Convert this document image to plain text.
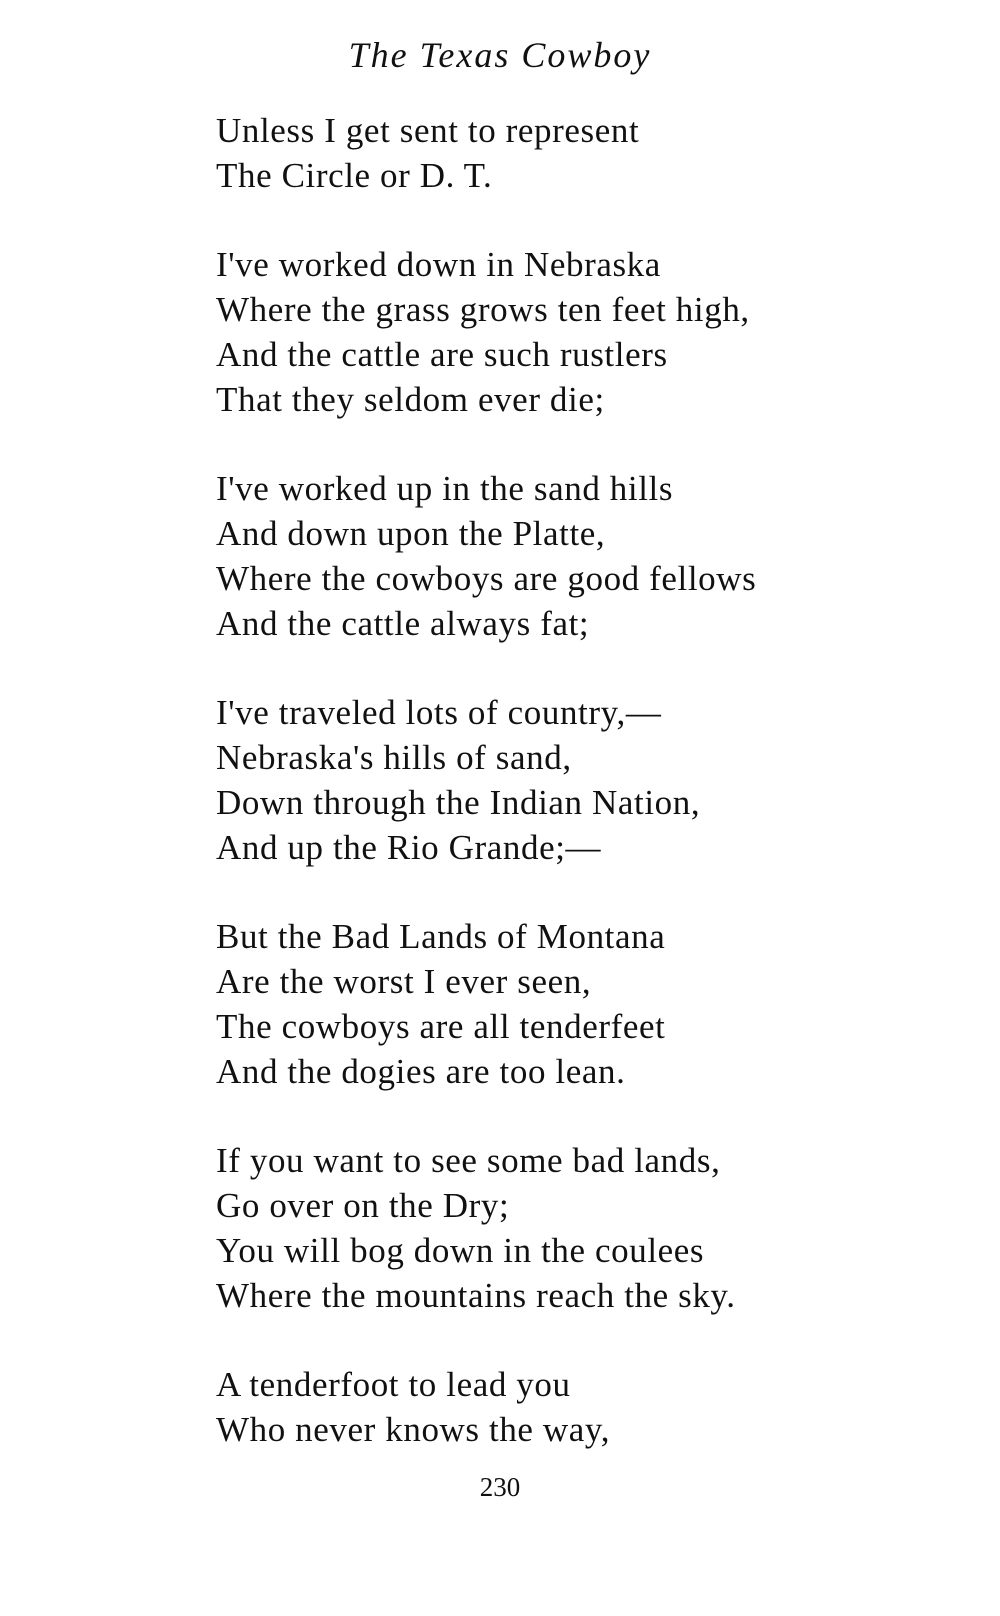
The Texas Cowboy
Unless I get sent to represent
The Circle or D. T.
I've worked down in Nebraska
Where the grass grows ten feet high,
And the cattle are such rustlers
That they seldom ever die;
I've worked up in the sand hills
And down upon the Platte,
Where the cowboys are good fellows
And the cattle always fat;
I've traveled lots of country,—
Nebraska's hills of sand,
Down through the Indian Nation,
And up the Rio Grande;—
But the Bad Lands of Montana
Are the worst I ever seen,
The cowboys are all tenderfeet
And the dogies are too lean.
If you want to see some bad lands,
Go over on the Dry;
You will bog down in the coulees
Where the mountains reach the sky.
A tenderfoot to lead you
Who never knows the way,
230
